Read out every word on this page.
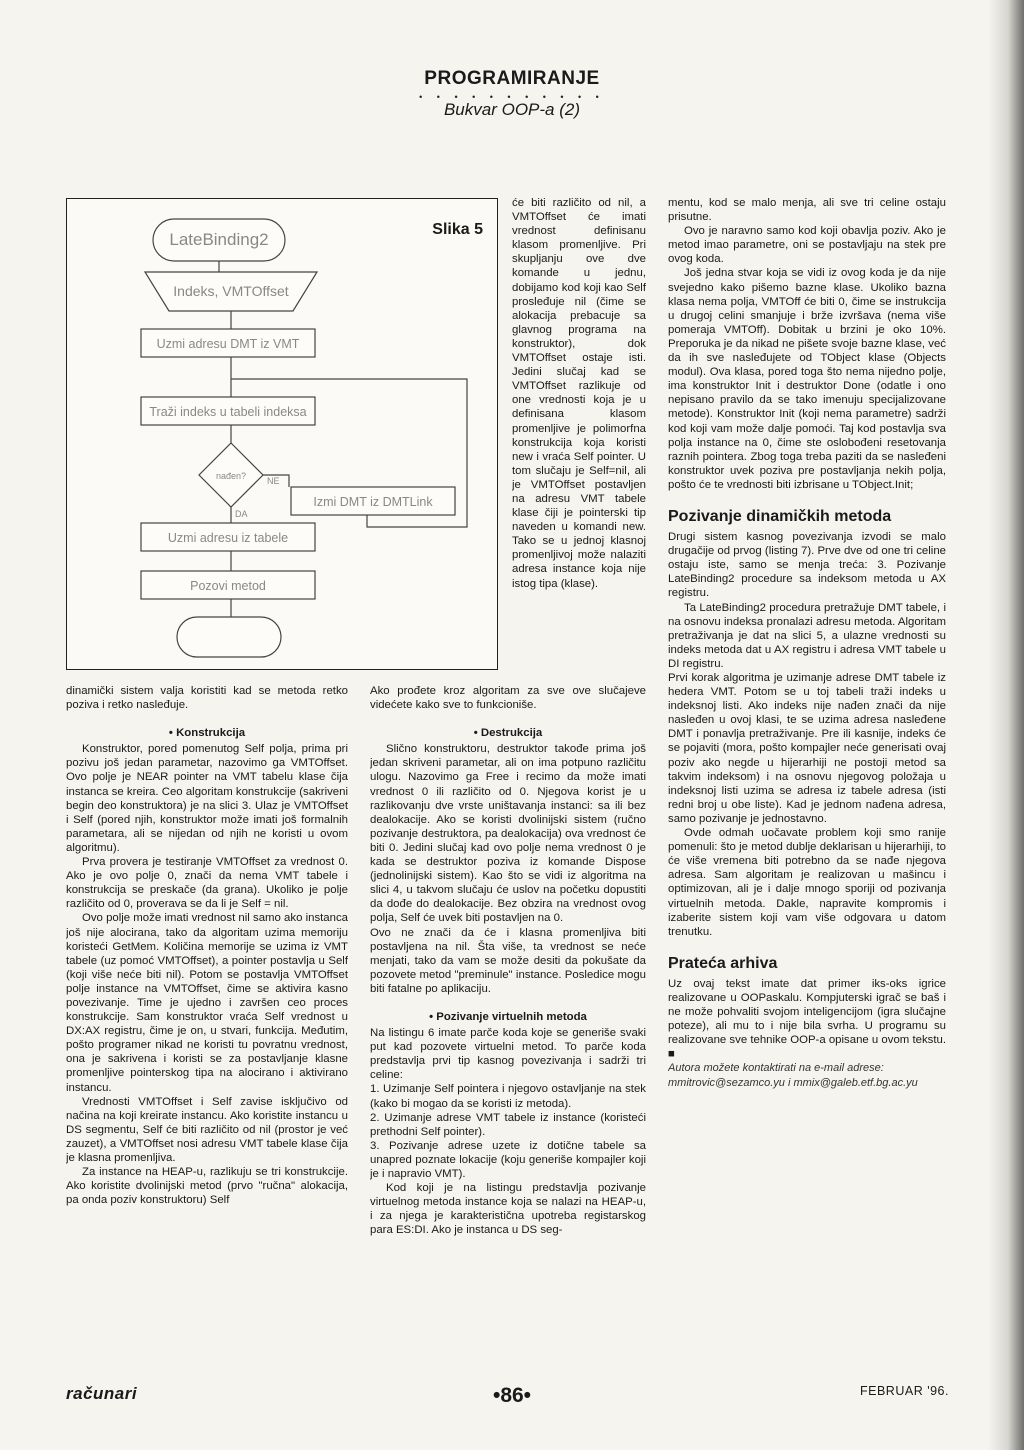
PROGRAMIRANJE
• • • • • • • • • • •
Bukvar OOP-a (2)
Slika 5
LateBinding2
Indeks, VMTOffset
Uzmi adresu DMT iz VMT
Traži indeks u tabeli indeksa
nađen? NE
DA
Izmi DMT iz DMTLink
Uzmi adresu iz tabele
Pozovi metod

dinamički sistem valja koristiti kad se metoda retko poziva i retko nasleđuje.

• Konstrukcija

Konstruktor, pored pomenutog Self polja, prima pri pozivu još jedan parametar, nazovimo ga VMTOffset. Ovo polje je NEAR pointer na VMT tabelu klase čija instanca se kreira. Ceo algoritam konstrukcije (sakriveni begin deo konstruktora) je na slici 3. Ulaz je VMTOffset i Self (pored njih, konstruktor može imati još formalnih parametara, ali se nijedan od njih ne koristi u ovom algoritmu).

Prva provera je testiranje VMTOffset za vrednost 0. Ako je ovo polje 0, znači da nema VMT tabele i konstrukcija se preskače (da grana). Ukoliko je polje različito od 0, proverava se da li je Self = nil.

Ovo polje može imati vrednost nil samo ako instanca još nije alocirana, tako da algoritam uzima memoriju koristeći GetMem. Količina memorije se uzima iz VMT tabele (uz pomoć VMTOffset), a pointer postavlja u Self (koji više neće biti nil). Potom se postavlja VMTOffset polje instance na VMTOffset, čime se aktivira kasno povezivanje. Time je ujedno i završen ceo proces konstrukcije. Sam konstruktor vraća Self vrednost u DX:AX registru, čime je on, u stvari, funkcija. Međutim, pošto programer nikad ne koristi tu povratnu vrednost, ona je sakrivena i koristi se za postavljanje klasne promenljive pointerskog tipa na alocirano i aktivirano instancu.

Vrednosti VMTOffset i Self zavise isključivo od načina na koji kreirate instancu. Ako koristite instancu u DS segmentu, Self će biti različito od nil (prostor je već zauzet), a VMTOffset nosi adresu VMT tabele klase čija je klasna promenljiva.

Za instance na HEAP-u, razlikuju se tri konstrukcije. Ako koristite dvolinijski metod (prvo "ručna" alokacija, pa onda poziv konstruktoru) Self

će biti različito od nil, a VMTOffset će imati vrednost definisanu klasom promenljive. Pri skupljanju ove dve komande u jednu, dobijamo kod koji kao Self prosleđuje nil (čime se alokacija prebacuje sa glavnog programa na konstruktor), dok VMTOffset ostaje isti. Jedini slučaj kad se VMTOffset razlikuje od one vrednosti koja je u definisana klasom promenljive je polimorfna konstrukcija koja koristi new i vraća Self pointer. U tom slučaju je Self=nil, ali je VMTOffset postavljen na adresu VMT tabele klase čiji je pointerski tip naveden u komandi new. Tako se u jednoj klasnoj promenljivoj može nalaziti adresa instance koja nije istog tipa (klase).

Ako prođete kroz algoritam za sve ove slučajeve videćete kako sve to funkcioniše.

• Destrukcija

Slično konstruktoru, destruktor takođe prima još jedan skriveni parametar, ali on ima potpuno različitu ulogu. Nazovimo ga Free i recimo da može imati vrednost 0 ili različito od 0. Njegova korist je u razlikovanju dve vrste uništavanja instanci: sa ili bez dealokacije. Ako se koristi dvolinijski sistem (ručno pozivanje destruktora, pa dealokacija) ova vrednost će biti 0. Jedini slučaj kad ovo polje nema vrednost 0 je kada se destruktor poziva iz komande Dispose (jednolinijski sistem). Kao što se vidi iz algoritma na slici 4, u takvom slučaju će uslov na početku dopustiti da dođe do dealokacije. Bez obzira na vrednost ovog polja, Self će uvek biti postavljen na 0.

Ovo ne znači da će i klasna promenljiva biti postavljena na nil. Šta više, ta vrednost se neće menjati, tako da vam se može desiti da pokušate da pozovete metod "preminule" instance. Posledice mogu biti fatalne po aplikaciju.

• Pozivanje virtuelnih metoda

Na listingu 6 imate parče koda koje se generiše svaki put kad pozovete virtuelni metod. To parče koda predstavlja prvi tip kasnog povezivanja i sadrži tri celine:

1. Uzimanje Self pointera i njegovo ostavljanje na stek (kako bi mogao da se koristi iz metoda).

2. Uzimanje adrese VMT tabele iz instance (koristeći prethodni Self pointer).

3. Pozivanje adrese uzete iz dotične tabele sa unapred poznate lokacije (koju generiše kompajler koji je i napravio VMT).

Kod koji je na listingu predstavlja pozivanje virtuelnog metoda instance koja se nalazi na HEAP-u, i za njega je karakteristična upotreba registarskog para ES:DI. Ako je instanca u DS seg-

mentu, kod se malo menja, ali sve tri celine ostaju prisutne.

Ovo je naravno samo kod koji obavlja poziv. Ako je metod imao parametre, oni se postavljaju na stek pre ovog koda.

Još jedna stvar koja se vidi iz ovog koda je da nije svejedno kako pišemo bazne klase. Ukoliko bazna klasa nema polja, VMTOff će biti 0, čime se instrukcija u drugoj celini smanjuje i brže izvršava (nema više pomeraja VMTOff). Dobitak u brzini je oko 10%. Preporuka je da nikad ne pišete svoje bazne klase, već da ih sve nasleđujete od TObject klase (Objects modul). Ova klasa, pored toga što nema nijedno polje, ima konstruktor Init i destruktor Done (odatle i ono nepisano pravilo da se tako imenuju specijalizovane metode). Konstruktor Init (koji nema parametre) sadrži kod koji vam može dalje pomoći. Taj kod postavlja sva polja instance na 0, čime ste oslobođeni resetovanja raznih pointera. Zbog toga treba paziti da se nasleđeni konstruktor uvek poziva pre postavljanja nekih polja, pošto će te vrednosti biti izbrisane u TObject.Init;

Pozivanje dinamičkih metoda

Drugi sistem kasnog povezivanja izvodi se malo drugačije od prvog (listing 7). Prve dve od one tri celine ostaju iste, samo se menja treća: 3. Pozivanje LateBinding2 procedure sa indeksom metoda u AX registru.

Ta LateBinding2 procedura pretražuje DMT tabele, i na osnovu indeksa pronalazi adresu metoda. Algoritam pretraživanja je dat na slici 5, a ulazne vrednosti su indeks metoda dat u AX registru i adresa VMT tabele u DI registru.

Prvi korak algoritma je uzimanje adrese DMT tabele iz hedera VMT. Potom se u toj tabeli traži indeks u indeksnoj listi. Ako indeks nije nađen znači da nije nasleđen u ovoj klasi, te se uzima adresa nasleđene DMT i ponavlja pretraživanje. Pre ili kasnije, indeks će se pojaviti (mora, pošto kompajler neće generisati ovaj poziv ako negde u hijerarhiji ne postoji metod sa takvim indeksom) i na osnovu njegovog položaja u indeksnoj listi uzima se adresa iz tabele adresa (isti redni broj u obe liste). Kad je jednom nađena adresa, samo pozivanje je jednostavno.

Ovde odmah uočavate problem koji smo ranije pomenuli: što je metod dublje deklarisan u hijerarhiji, to će više vremena biti potrebno da se nađe njegova adresa. Sam algoritam je realizovan u mašincu i optimizovan, ali je i dalje mnogo sporiji od pozivanja virtuelnih metoda. Dakle, napravite kompromis i izaberite sistem koji vam više odgovara u datom trenutku.

Prateća arhiva

Uz ovaj tekst imate dat primer iks-oks igrice realizovane u OOPaskalu. Kompjuterski igrač se baš i ne može pohvaliti svojom inteligencijom (igra slučajne poteze), ali mu to i nije bila svrha. U programu su realizovane sve tehnike OOP-a opisane u ovom tekstu. ■

Autora možete kontaktirati na e-mail adrese: mmitrovic@sezamco.yu i mmix@galeb.etf.bg.ac.yu

računari	•86•	FEBRUAR '96.
